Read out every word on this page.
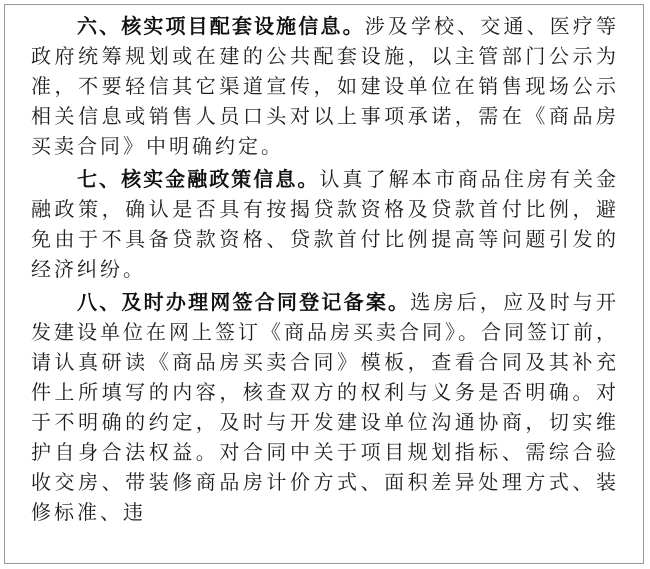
六、核实项目配套设施信息。涉及学校、交通、医疗等政府统筹规划或在建的公共配套设施，以主管部门公示为准，不要轻信其它渠道宣传，如建设单位在销售现场公示相关信息或销售人员口头对以上事项承诺，需在《商品房买卖合同》中明确约定。

七、核实金融政策信息。认真了解本市商品住房有关金融政策，确认是否具有按揭贷款资格及贷款首付比例，避免由于不具备贷款资格、贷款首付比例提高等问题引发的经济纠纷。

八、及时办理网签合同登记备案。选房后，应及时与开发建设单位在网上签订《商品房买卖合同》。合同签订前，请认真研读《商品房买卖合同》模板，查看合同及其补充件上所填写的内容，核查双方的权利与义务是否明确。对于不明确的约定，及时与开发建设单位沟通协商，切实维护自身合法权益。对合同中关于项目规划指标、需综合验收交房、带装修商品房计价方式、面积差异处理方式、装修标准、违
